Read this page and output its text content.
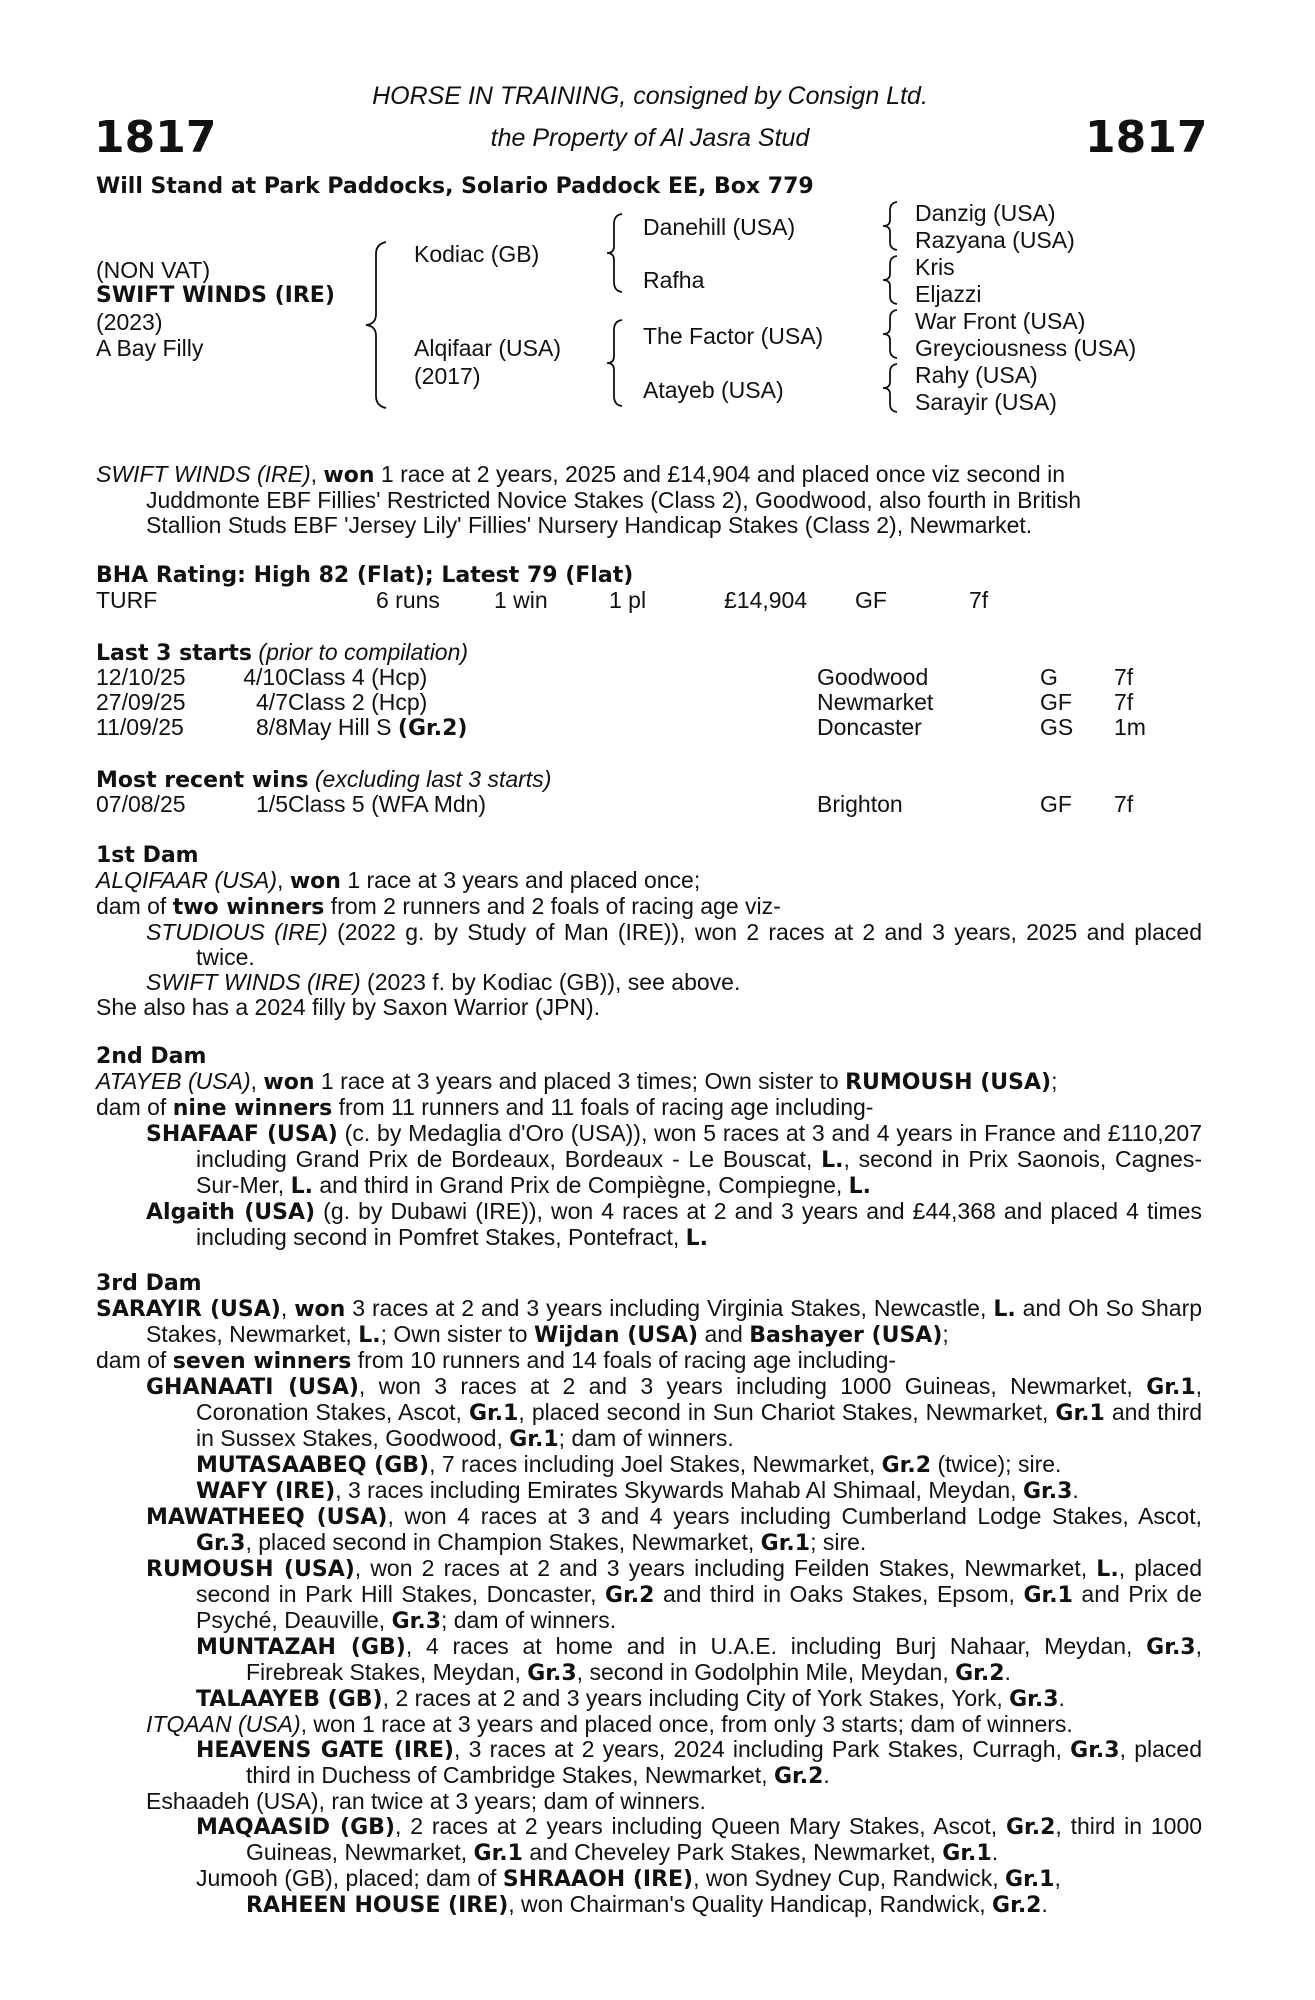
1817	1817
HORSE IN TRAINING, consigned by Consign Ltd.
the Property of Al Jasra Stud
Will Stand at Park Paddocks, Solario Paddock EE, Box 779
(NON VAT)
SWIFT WINDS (IRE)
(2023)
A Bay Filly
Kodiac (GB)
Alqifaar (USA)
(2017)
Danehill (USA)
Rafha
The Factor (USA)
Atayeb (USA)
Danzig (USA)
Razyana (USA)
Kris
Eljazzi
War Front (USA)
Greyciousness (USA)
Rahy (USA)
Sarayir (USA)
SWIFT WINDS (IRE), won 1 race at 2 years, 2025 and £14,904 and placed once viz second in
Juddmonte EBF Fillies' Restricted Novice Stakes (Class 2), Goodwood, also fourth in British
Stallion Studs EBF 'Jersey Lily' Fillies' Nursery Handicap Stakes (Class 2), Newmarket.
BHA Rating: High 82 (Flat); Latest 79 (Flat)
TURF	6 runs 1 win	1 pl	£14,904 GF	7f
Last 3 starts (prior to compilation)
12/10/25	4/10 Class 4 (Hcp)	Goodwood	G 7f
27/09/25	4/7 Class 2 (Hcp)	Newmarket	GF 7f
11/09/25	8/8 May Hill S (Gr.2)	Doncaster	GS 1m
Most recent wins (excluding last 3 starts)
07/08/25	1/5 Class 5 (WFA Mdn)	Brighton	GF 7f
1st Dam
ALQIFAAR (USA), won 1 race at 3 years and placed once;
dam of two winners from 2 runners and 2 foals of racing age viz-
STUDIOUS (IRE) (2022 g. by Study of Man (IRE)), won 2 races at 2 and 3 years, 2025 and placed twice.
SWIFT WINDS (IRE) (2023 f. by Kodiac (GB)), see above.
She also has a 2024 filly by Saxon Warrior (JPN).
2nd Dam
ATAYEB (USA), won 1 race at 3 years and placed 3 times; Own sister to RUMOUSH (USA);
dam of nine winners from 11 runners and 11 foals of racing age including-
SHAFAAF (USA) (c. by Medaglia d'Oro (USA)), won 5 races at 3 and 4 years in France and £110,207 including Grand Prix de Bordeaux, Bordeaux - Le Bouscat, L., second in Prix Saonois, Cagnes-Sur-Mer, L. and third in Grand Prix de Compiègne, Compiegne, L.
Algaith (USA) (g. by Dubawi (IRE)), won 4 races at 2 and 3 years and £44,368 and placed 4 times including second in Pomfret Stakes, Pontefract, L.
3rd Dam
SARAYIR (USA), won 3 races at 2 and 3 years including Virginia Stakes, Newcastle, L. and Oh So Sharp Stakes, Newmarket, L.; Own sister to Wijdan (USA) and Bashayer (USA);
dam of seven winners from 10 runners and 14 foals of racing age including-
GHANAATI (USA), won 3 races at 2 and 3 years including 1000 Guineas, Newmarket, Gr.1, Coronation Stakes, Ascot, Gr.1, placed second in Sun Chariot Stakes, Newmarket, Gr.1 and third in Sussex Stakes, Goodwood, Gr.1; dam of winners.
MUTASAABEQ (GB), 7 races including Joel Stakes, Newmarket, Gr.2 (twice); sire.
WAFY (IRE), 3 races including Emirates Skywards Mahab Al Shimaal, Meydan, Gr.3.
MAWATHEEQ (USA), won 4 races at 3 and 4 years including Cumberland Lodge Stakes, Ascot, Gr.3, placed second in Champion Stakes, Newmarket, Gr.1; sire.
RUMOUSH (USA), won 2 races at 2 and 3 years including Feilden Stakes, Newmarket, L., placed second in Park Hill Stakes, Doncaster, Gr.2 and third in Oaks Stakes, Epsom, Gr.1 and Prix de Psyché, Deauville, Gr.3; dam of winners.
MUNTAZAH (GB), 4 races at home and in U.A.E. including Burj Nahaar, Meydan, Gr.3, Firebreak Stakes, Meydan, Gr.3, second in Godolphin Mile, Meydan, Gr.2.
TALAAYEB (GB), 2 races at 2 and 3 years including City of York Stakes, York, Gr.3.
ITQAAN (USA), won 1 race at 3 years and placed once, from only 3 starts; dam of winners.
HEAVENS GATE (IRE), 3 races at 2 years, 2024 including Park Stakes, Curragh, Gr.3, placed third in Duchess of Cambridge Stakes, Newmarket, Gr.2.
Eshaadeh (USA), ran twice at 3 years; dam of winners.
MAQAASID (GB), 2 races at 2 years including Queen Mary Stakes, Ascot, Gr.2, third in 1000 Guineas, Newmarket, Gr.1 and Cheveley Park Stakes, Newmarket, Gr.1.
Jumooh (GB), placed; dam of SHRAAOH (IRE), won Sydney Cup, Randwick, Gr.1,
RAHEEN HOUSE (IRE), won Chairman's Quality Handicap, Randwick, Gr.2.
